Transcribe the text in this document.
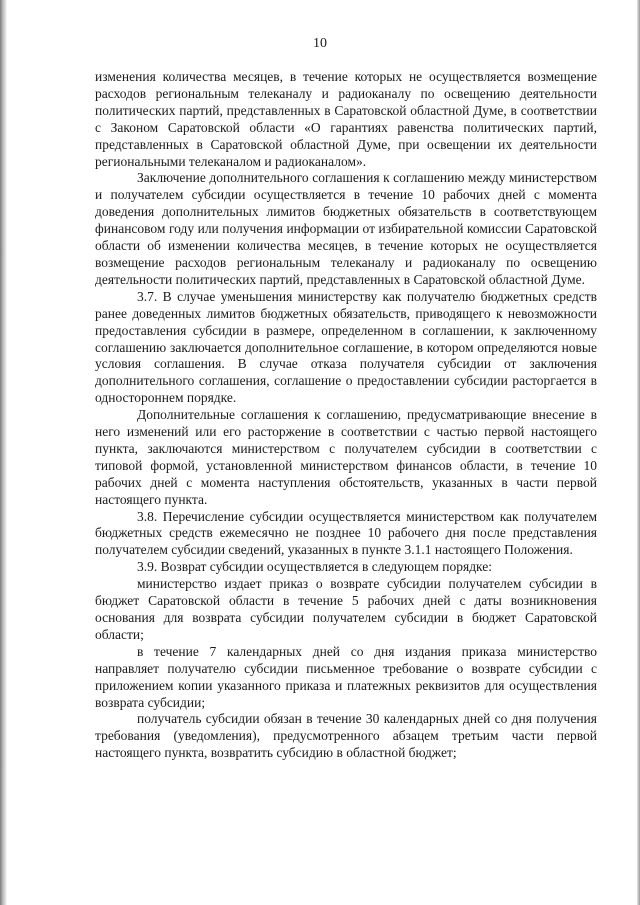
10

изменения количества месяцев, в течение которых не осуществляется возмещение расходов региональным телеканалу и радиоканалу по освещению деятельности политических партий, представленных в Саратовской областной Думе, в соответствии с Законом Саратовской области «О гарантиях равенства политических партий, представленных в Саратовской областной Думе, при освещении их деятельности региональными телеканалом и радиоканалом».

Заключение дополнительного соглашения к соглашению между министерством и получателем субсидии осуществляется в течение 10 рабочих дней с момента доведения дополнительных лимитов бюджетных обязательств в соответствующем финансовом году или получения информации от избирательной комиссии Саратовской области об изменении количества месяцев, в течение которых не осуществляется возмещение расходов региональным телеканалу и радиоканалу по освещению деятельности политических партий, представленных в Саратовской областной Думе.

3.7. В случае уменьшения министерству как получателю бюджетных средств ранее доведенных лимитов бюджетных обязательств, приводящего к невозможности предоставления субсидии в размере, определенном в соглашении, к заключенному соглашению заключается дополнительное соглашение, в котором определяются новые условия соглашения. В случае отказа получателя субсидии от заключения дополнительного соглашения, соглашение о предоставлении субсидии расторгается в одностороннем порядке.

Дополнительные соглашения к соглашению, предусматривающие внесение в него изменений или его расторжение в соответствии с частью первой настоящего пункта, заключаются министерством с получателем субсидии в соответствии с типовой формой, установленной министерством финансов области, в течение 10 рабочих дней с момента наступления обстоятельств, указанных в части первой настоящего пункта.

3.8. Перечисление субсидии осуществляется министерством как получателем бюджетных средств ежемесячно не позднее 10 рабочего дня после представления получателем субсидии сведений, указанных в пункте 3.1.1 настоящего Положения.

3.9. Возврат субсидии осуществляется в следующем порядке:

министерство издает приказ о возврате субсидии получателем субсидии в бюджет Саратовской области в течение 5 рабочих дней с даты возникновения основания для возврата субсидии получателем субсидии в бюджет Саратовской области;

в течение 7 календарных дней со дня издания приказа министерство направляет получателю субсидии письменное требование о возврате субсидии с приложением копии указанного приказа и платежных реквизитов для осуществления возврата субсидии;

получатель субсидии обязан в течение 30 календарных дней со дня получения требования (уведомления), предусмотренного абзацем третьим части первой настоящего пункта, возвратить субсидию в областной бюджет;
